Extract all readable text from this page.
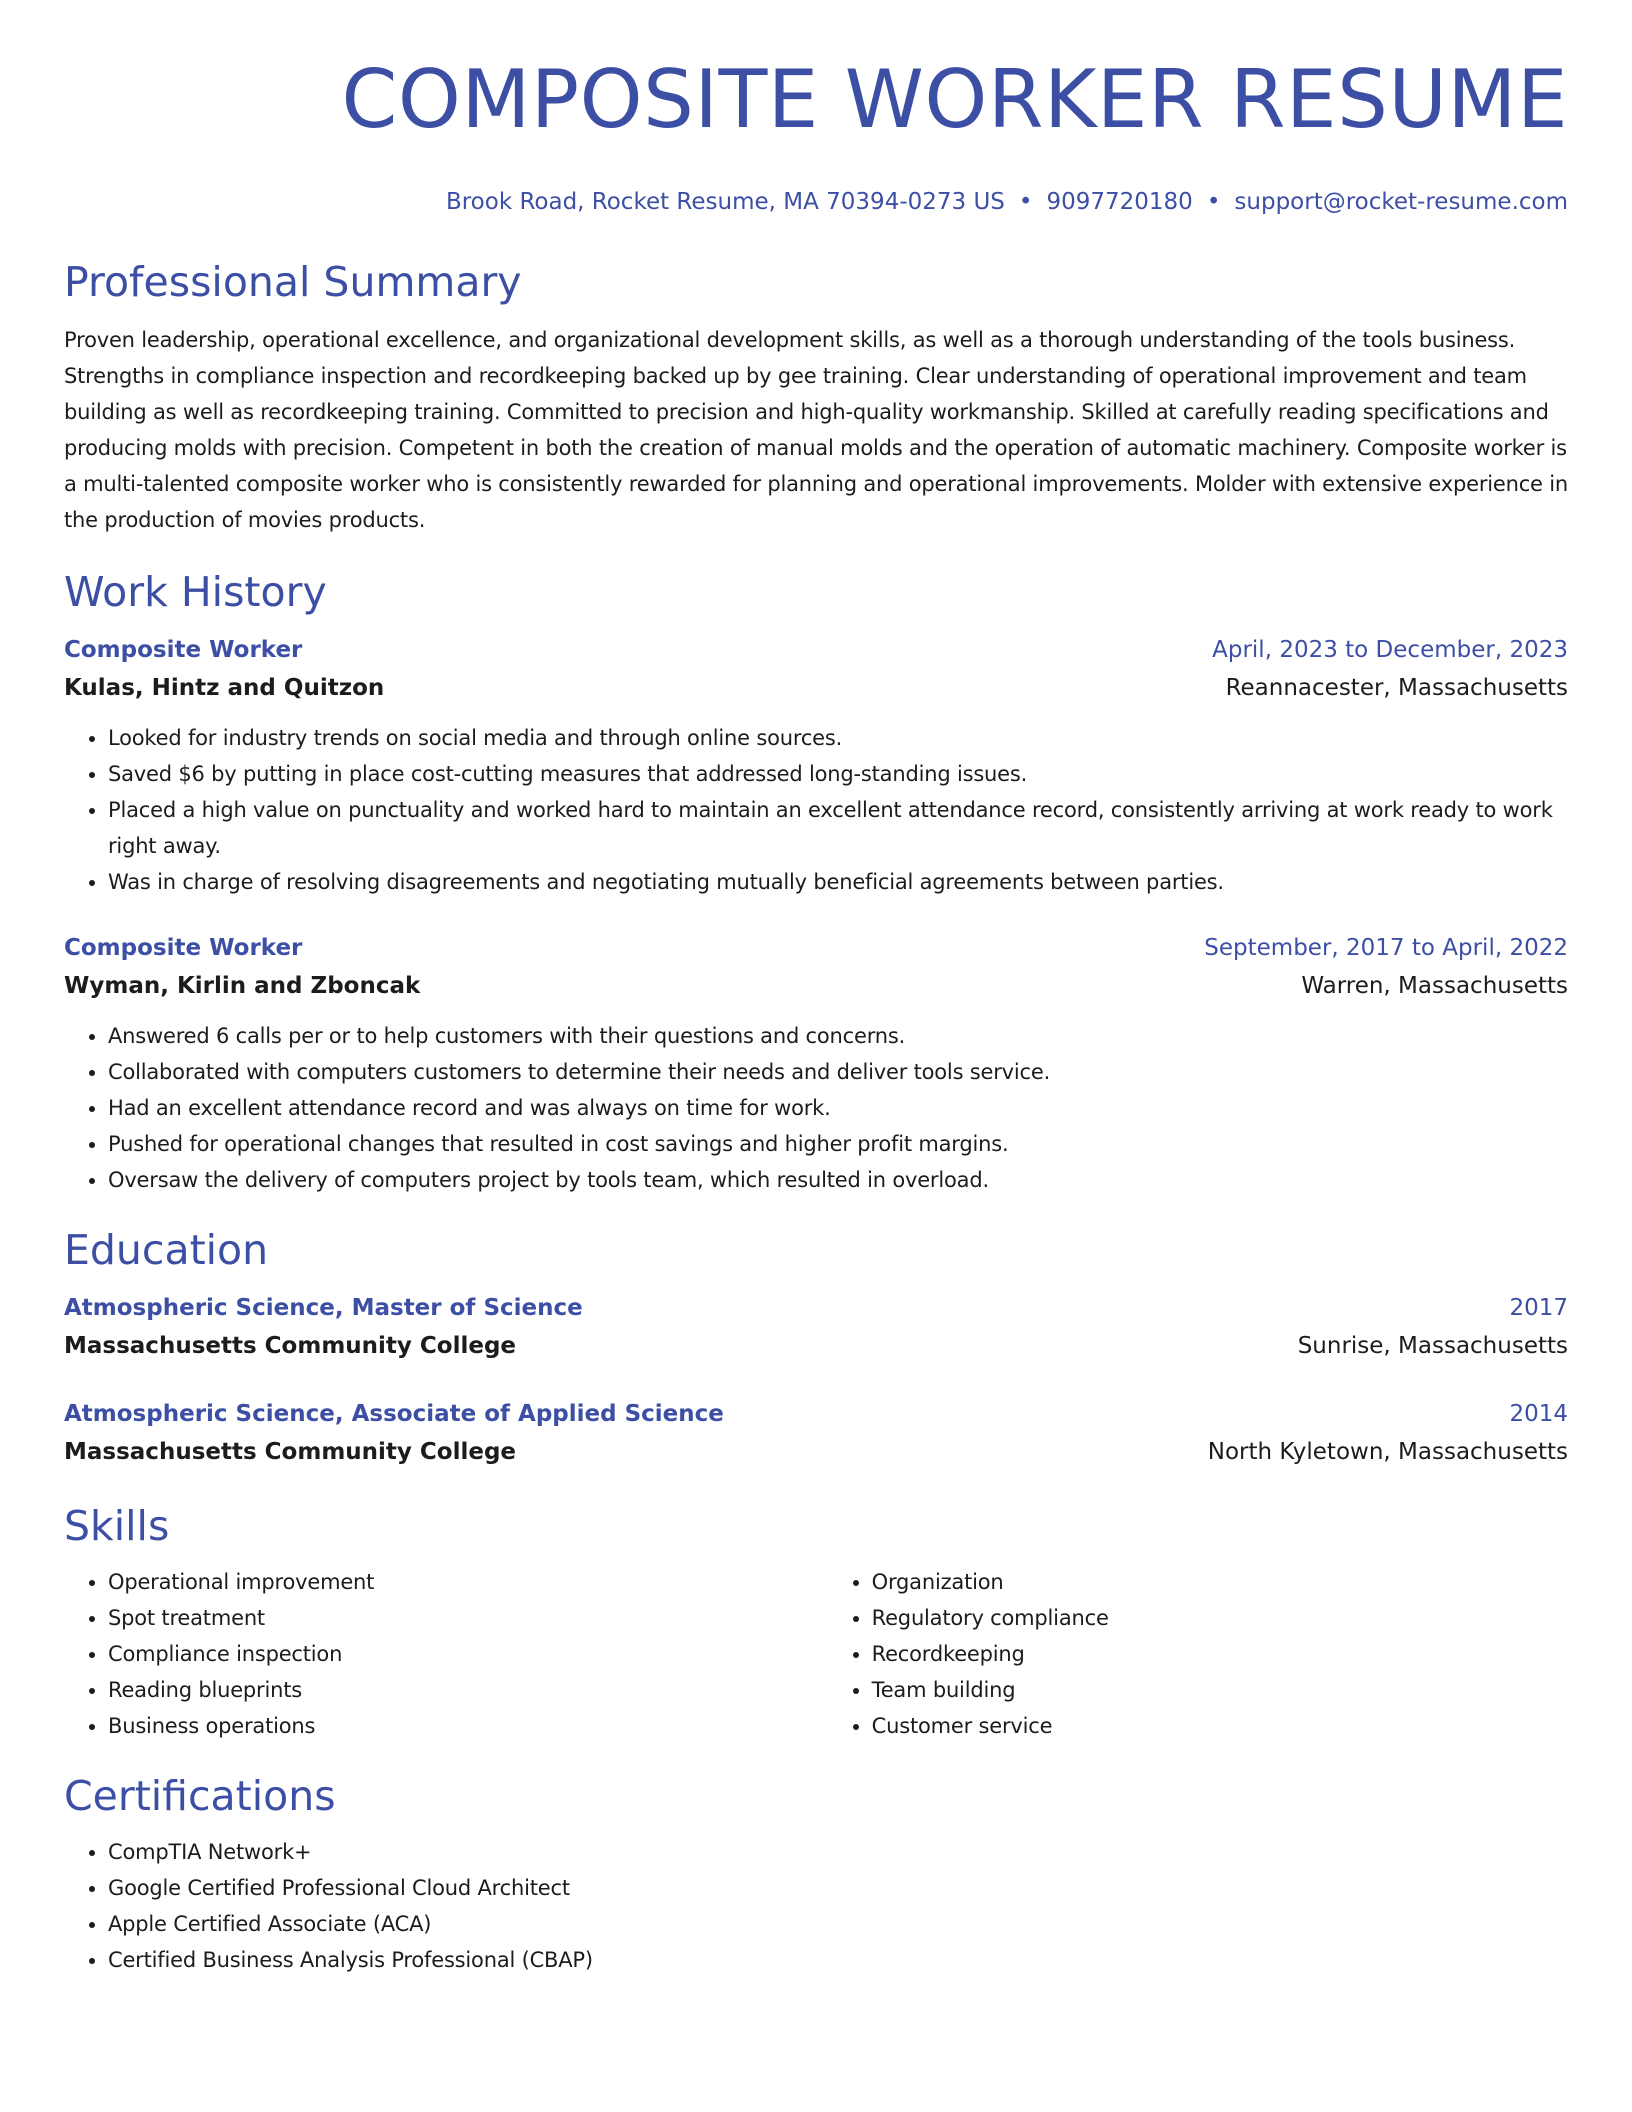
COMPOSITE WORKER RESUME
Brook Road, Rocket Resume, MA 70394-0273 US • 9097720180 • support@rocket-resume.com
Professional Summary
Proven leadership, operational excellence, and organizational development skills, as well as a thorough understanding of the tools business. Strengths in compliance inspection and recordkeeping backed up by gee training. Clear understanding of operational improvement and team building as well as recordkeeping training. Committed to precision and high-quality workmanship. Skilled at carefully reading specifications and producing molds with precision. Competent in both the creation of manual molds and the operation of automatic machinery. Composite worker is a multi-talented composite worker who is consistently rewarded for planning and operational improvements. Molder with extensive experience in the production of movies products.
Work History
Composite Worker	April, 2023 to December, 2023
Kulas, Hintz and Quitzon	Reannacester, Massachusetts
• Looked for industry trends on social media and through online sources.
• Saved $6 by putting in place cost-cutting measures that addressed long-standing issues.
• Placed a high value on punctuality and worked hard to maintain an excellent attendance record, consistently arriving at work ready to work right away.
• Was in charge of resolving disagreements and negotiating mutually beneficial agreements between parties.
Composite Worker	September, 2017 to April, 2022
Wyman, Kirlin and Zboncak	Warren, Massachusetts
• Answered 6 calls per or to help customers with their questions and concerns.
• Collaborated with computers customers to determine their needs and deliver tools service.
• Had an excellent attendance record and was always on time for work.
• Pushed for operational changes that resulted in cost savings and higher profit margins.
• Oversaw the delivery of computers project by tools team, which resulted in overload.
Education
Atmospheric Science, Master of Science	2017
Massachusetts Community College	Sunrise, Massachusetts
Atmospheric Science, Associate of Applied Science	2014
Massachusetts Community College	North Kyletown, Massachusetts
Skills
• Operational improvement
• Spot treatment
• Compliance inspection
• Reading blueprints
• Business operations
• Organization
• Regulatory compliance
• Recordkeeping
• Team building
• Customer service
Certifications
• CompTIA Network+
• Google Certified Professional Cloud Architect
• Apple Certified Associate (ACA)
• Certified Business Analysis Professional (CBAP)
